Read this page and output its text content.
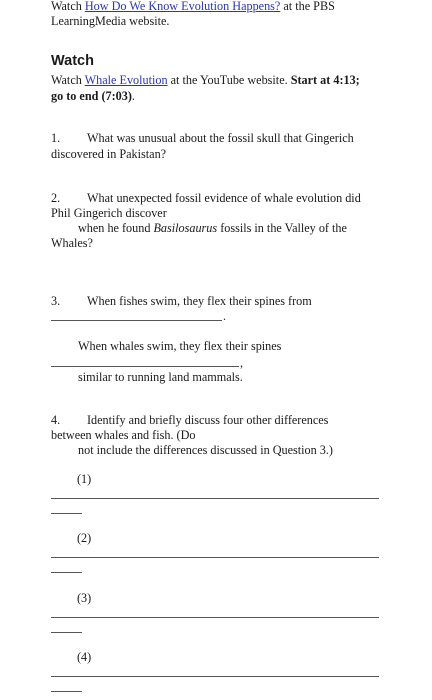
Watch How Do We Know Evolution Happens? at the PBS
LearningMedia website.
Watch
Watch Whale Evolution at the YouTube website. Start at 4:13;
go to end (7:03).
1. What was unusual about the fossil skull that Gingerich
discovered in Pakistan?
2. What unexpected fossil evidence of whale evolution did
Phil Gingerich discover
when he found Basilosaurus fossils in the Valley of the
Whales?
3. When fishes swim, they flex their spines from
.
When whales swim, they flex their spines
,
similar to running land mammals.
4. Identify and briefly discuss four other differences
between whales and fish. (Do
not include the differences discussed in Question 3.)
(1)
(2)
(3)
(4)
